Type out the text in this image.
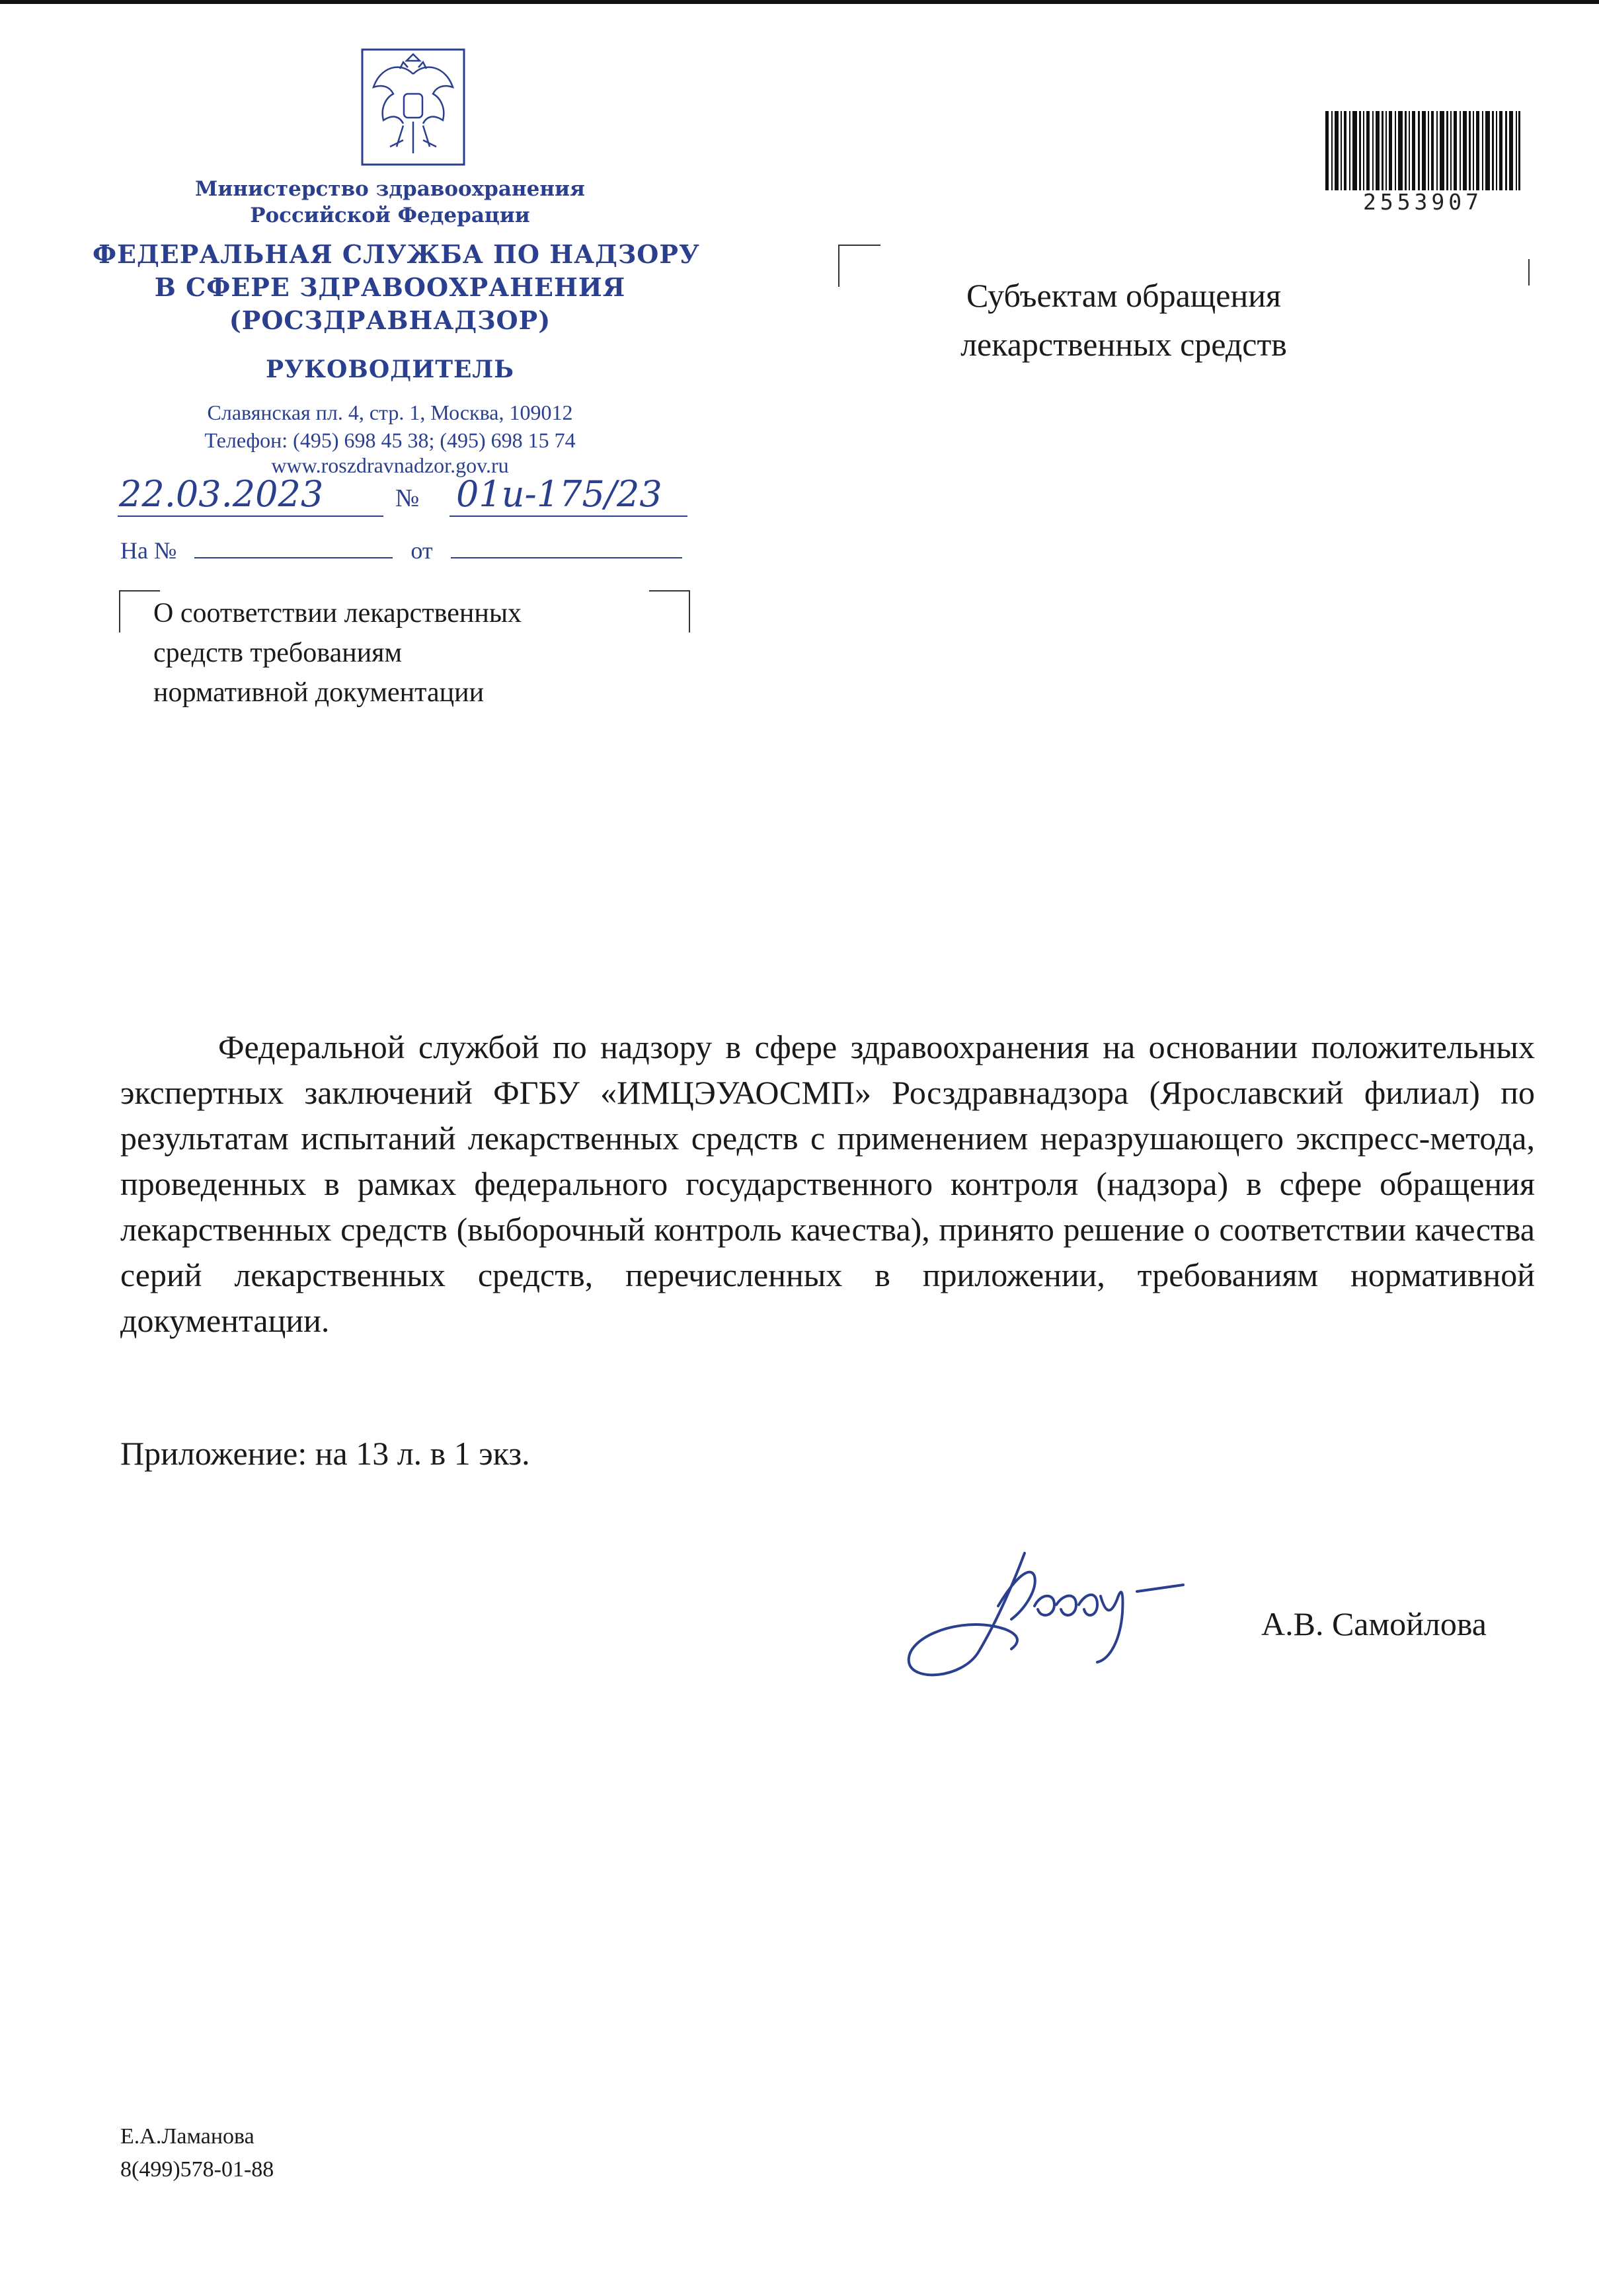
Министерство здравоохранения
Российской Федерации
ФЕДЕРАЛЬНАЯ СЛУЖБА ПО НАДЗОРУ
В СФЕРЕ ЗДРАВООХРАНЕНИЯ
(РОСЗДРАВНАДЗОР)
РУКОВОДИТЕЛЬ
Славянская пл. 4, стр. 1, Москва, 109012
Телефон: (495) 698 45 38; (495) 698 15 74
www.roszdravnadzor.gov.ru
22.03.2023	№ 01и-175/23
На №	от
О соответствии лекарственных
средств требованиям
нормативной документации
Субъектам обращения
лекарственных средств
2553907
Федеральной службой по надзору в сфере здравоохранения на основании положительных экспертных заключений ФГБУ «ИМЦЭУАОСМП» Росздравнадзора (Ярославский филиал) по результатам испытаний лекарственных средств с применением неразрушающего экспресс-метода, проведенных в рамках федерального государственного контроля (надзора) в сфере обращения лекарственных средств (выборочный контроль качества), принято решение о соответствии качества серий лекарственных средств, перечисленных в приложении, требованиям нормативной документации.
Приложение: на 13 л. в 1 экз.
А.В. Самойлова
Е.А.Ламанова
8(499)578-01-88
